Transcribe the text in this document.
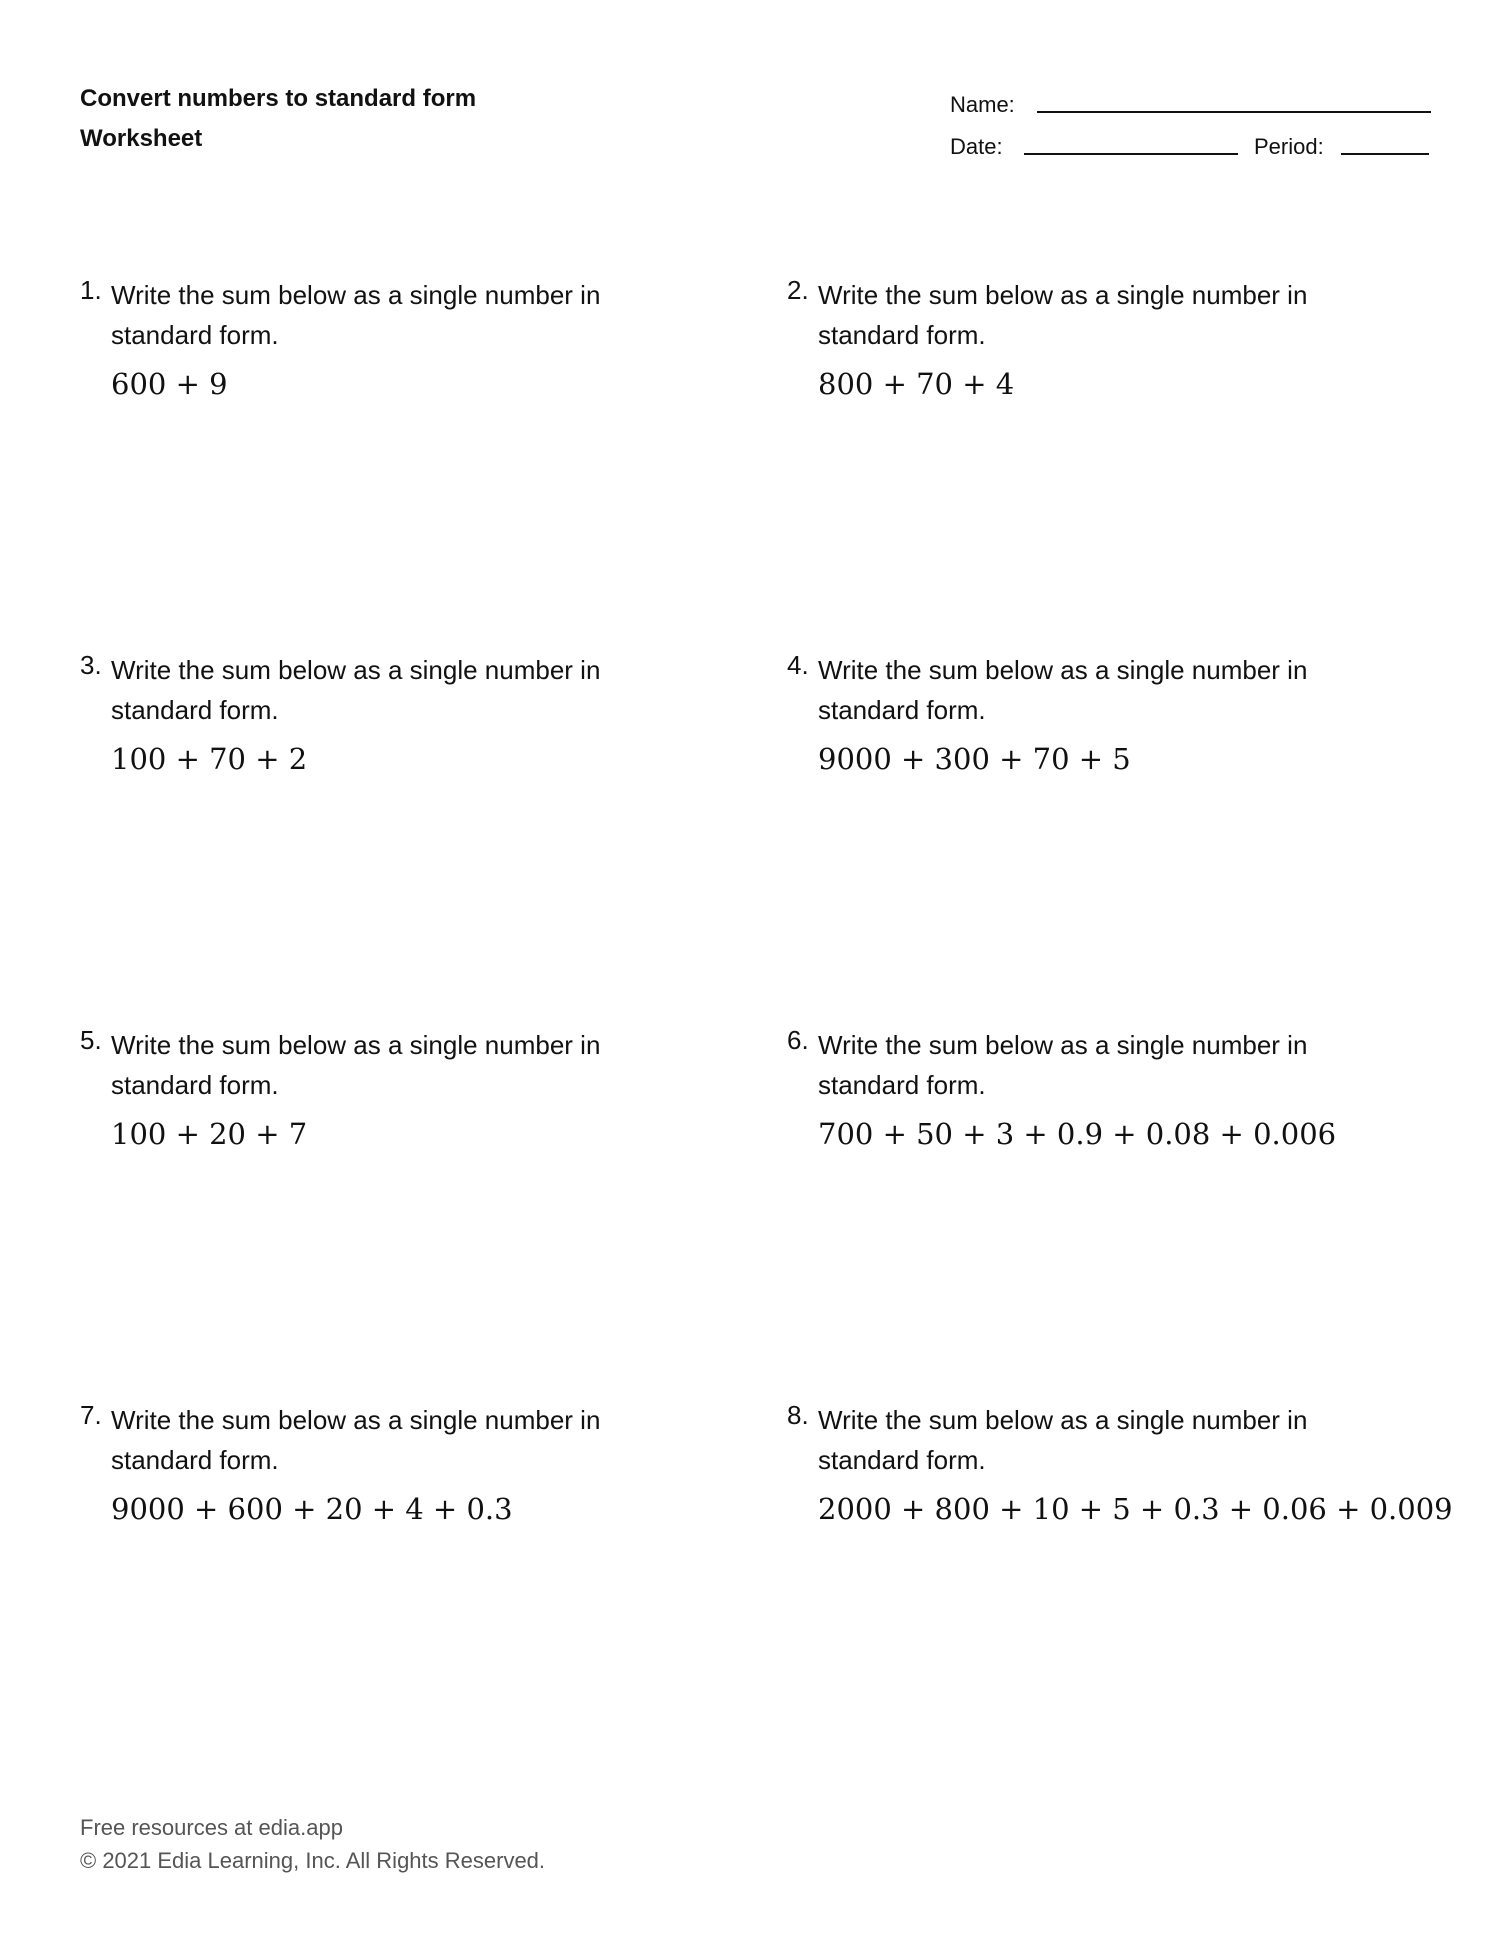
Convert numbers to standard form
Worksheet
Name:
Date:	Period:
1. Write the sum below as a single number in standard form.
600 + 9
2. Write the sum below as a single number in standard form.
800 + 70 + 4
3. Write the sum below as a single number in standard form.
100 + 70 + 2
4. Write the sum below as a single number in standard form.
9000 + 300 + 70 + 5
5. Write the sum below as a single number in standard form.
100 + 20 + 7
6. Write the sum below as a single number in standard form.
700 + 50 + 3 + 0.9 + 0.08 + 0.006
7. Write the sum below as a single number in standard form.
9000 + 600 + 20 + 4 + 0.3
8. Write the sum below as a single number in standard form.
2000 + 800 + 10 + 5 + 0.3 + 0.06 + 0.009
Free resources at edia.app
© 2021 Edia Learning, Inc. All Rights Reserved.
